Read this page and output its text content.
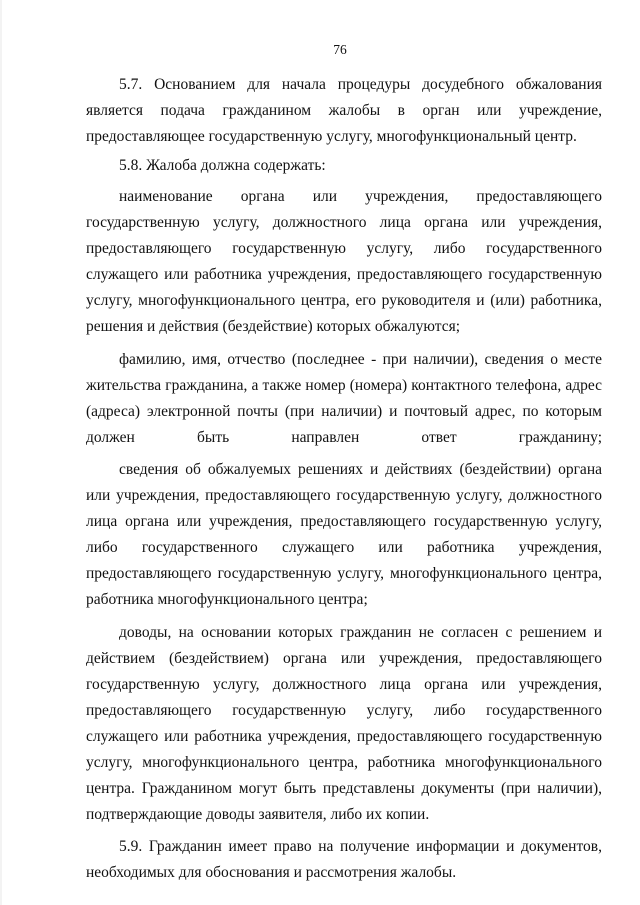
76

5.7. Основанием для начала процедуры досудебного обжалования является подача гражданином жалобы в орган или учреждение, предоставляющее государственную услугу, многофункциональный центр.

5.8. Жалоба должна содержать:

наименование органа или учреждения, предоставляющего государственную услугу, должностного лица органа или учреждения, предоставляющего государственную услугу, либо государственного служащего или работника учреждения, предоставляющего государственную услугу, многофункционального центра, его руководителя и (или) работника, решения и действия (бездействие) которых обжалуются;

фамилию, имя, отчество (последнее - при наличии), сведения о месте жительства гражданина, а также номер (номера) контактного телефона, адрес (адреса) электронной почты (при наличии) и почтовый адрес, по которым должен быть направлен ответ гражданину;

сведения об обжалуемых решениях и действиях (бездействии) органа или учреждения, предоставляющего государственную услугу, должностного лица органа или учреждения, предоставляющего государственную услугу, либо государственного служащего или работника учреждения, предоставляющего государственную услугу, многофункционального центра, работника многофункционального центра;

доводы, на основании которых гражданин не согласен с решением и действием (бездействием) органа или учреждения, предоставляющего государственную услугу, должностного лица органа или учреждения, предоставляющего государственную услугу, либо государственного служащего или работника учреждения, предоставляющего государственную услугу, многофункционального центра, работника многофункционального центра. Гражданином могут быть представлены документы (при наличии), подтверждающие доводы заявителя, либо их копии.

5.9. Гражданин имеет право на получение информации и документов, необходимых для обоснования и рассмотрения жалобы.
